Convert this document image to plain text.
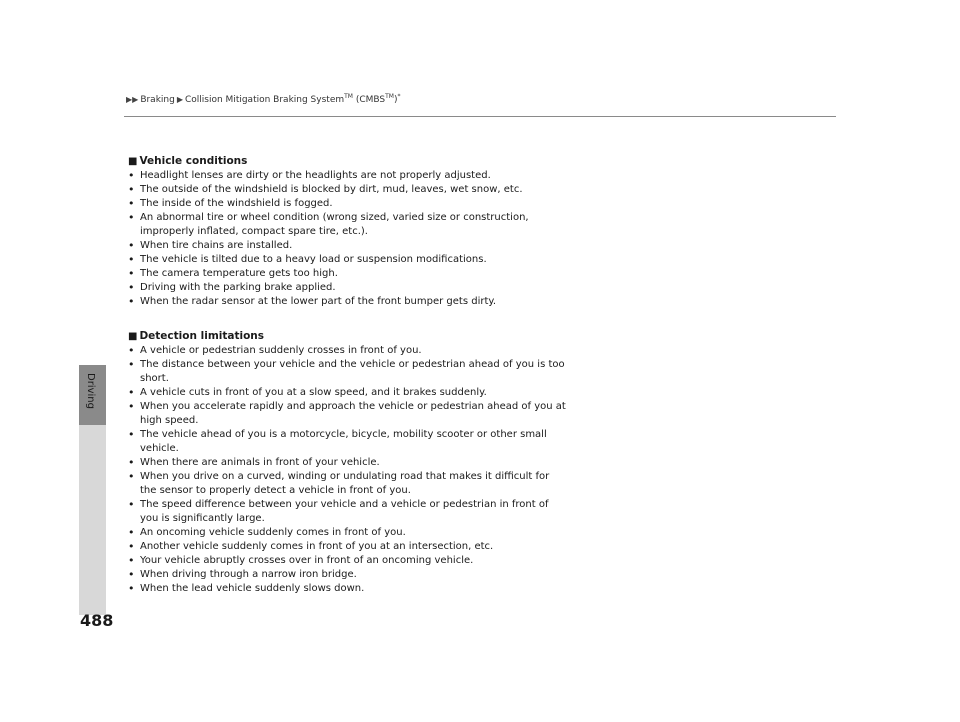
▶▶ Braking ▶ Collision Mitigation Braking System™ (CMBS™)*
Driving
488

■ Vehicle conditions

• Headlight lenses are dirty or the headlights are not properly adjusted.
• The outside of the windshield is blocked by dirt, mud, leaves, wet snow, etc.
• The inside of the windshield is fogged.
• An abnormal tire or wheel condition (wrong sized, varied size or construction, improperly inflated, compact spare tire, etc.).
• When tire chains are installed.
• The vehicle is tilted due to a heavy load or suspension modifications.
• The camera temperature gets too high.
• Driving with the parking brake applied.
• When the radar sensor at the lower part of the front bumper gets dirty.

■ Detection limitations

• A vehicle or pedestrian suddenly crosses in front of you.
• The distance between your vehicle and the vehicle or pedestrian ahead of you is too short.
• A vehicle cuts in front of you at a slow speed, and it brakes suddenly.
• When you accelerate rapidly and approach the vehicle or pedestrian ahead of you at high speed.
• The vehicle ahead of you is a motorcycle, bicycle, mobility scooter or other small vehicle.
• When there are animals in front of your vehicle.
• When you drive on a curved, winding or undulating road that makes it difficult for the sensor to properly detect a vehicle in front of you.
• The speed difference between your vehicle and a vehicle or pedestrian in front of you is significantly large.
• An oncoming vehicle suddenly comes in front of you.
• Another vehicle suddenly comes in front of you at an intersection, etc.
• Your vehicle abruptly crosses over in front of an oncoming vehicle.
• When driving through a narrow iron bridge.
• When the lead vehicle suddenly slows down.
